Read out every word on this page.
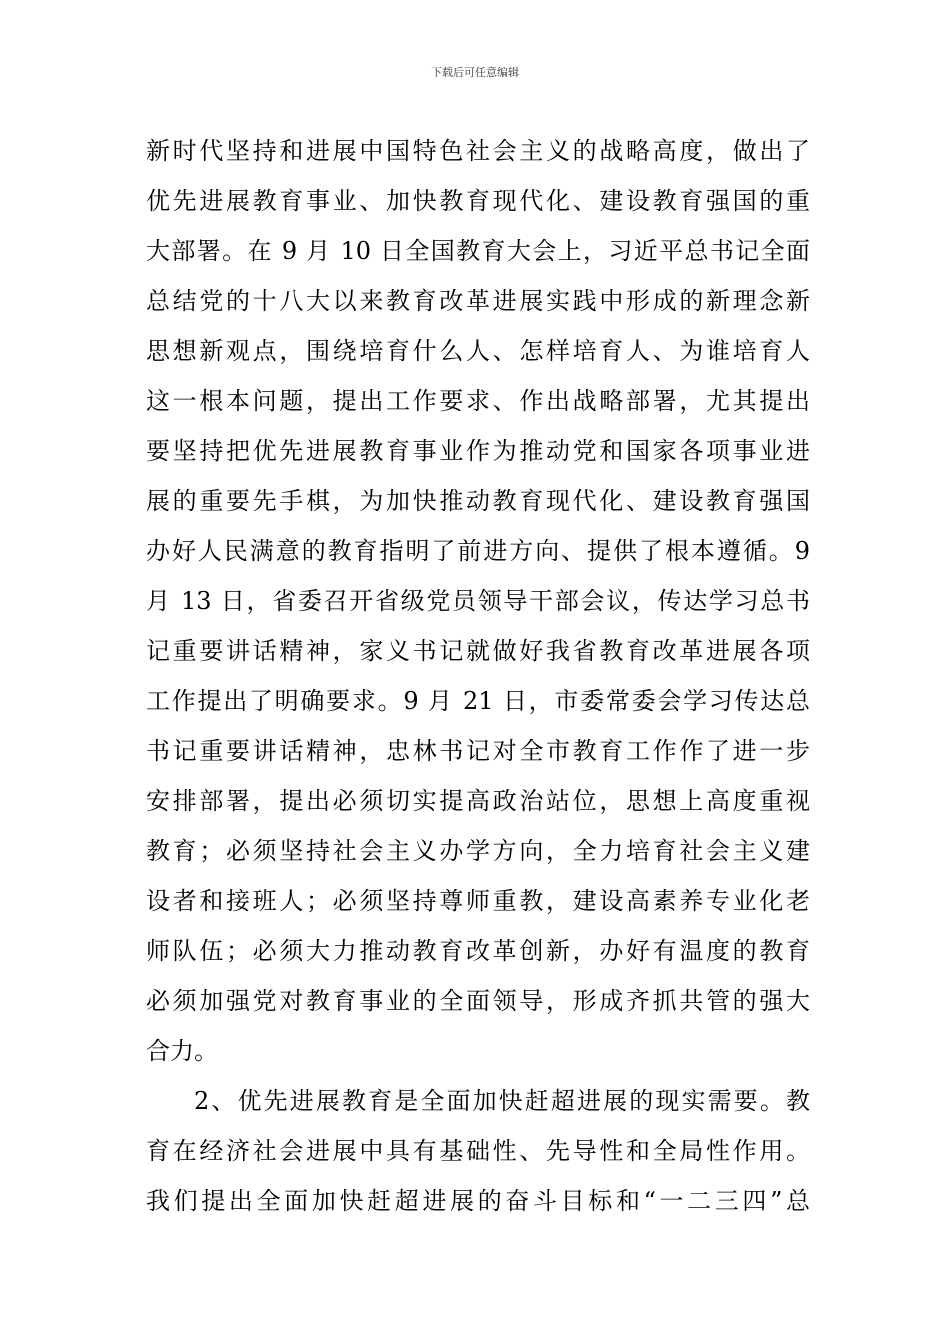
下载后可任意编辑
新时代坚持和进展中国特色社会主义的战略高度，做出了
优先进展教育事业、加快教育现代化、建设教育强国的重
大部署。在 9 月 10 日全国教育大会上，习近平总书记全面
总结党的十八大以来教育改革进展实践中形成的新理念新
思想新观点，围绕培育什么人、怎样培育人、为谁培育人
这一根本问题，提出工作要求、作出战略部署，尤其提出
要坚持把优先进展教育事业作为推动党和国家各项事业进
展的重要先手棋，为加快推动教育现代化、建设教育强国
办好人民满意的教育指明了前进方向、提供了根本遵循。9
月 13 日，省委召开省级党员领导干部会议，传达学习总书
记重要讲话精神，家义书记就做好我省教育改革进展各项
工作提出了明确要求。9 月 21 日，市委常委会学习传达总
书记重要讲话精神，忠林书记对全市教育工作作了进一步
安排部署，提出必须切实提高政治站位，思想上高度重视
教育；必须坚持社会主义办学方向，全力培育社会主义建
设者和接班人；必须坚持尊师重教，建设高素养专业化老
师队伍；必须大力推动教育改革创新，办好有温度的教育
必须加强党对教育事业的全面领导，形成齐抓共管的强大
合力。
2、优先进展教育是全面加快赶超进展的现实需要。教
育在经济社会进展中具有基础性、先导性和全局性作用。
我们提出全面加快赶超进展的奋斗目标和“一二三四”总
